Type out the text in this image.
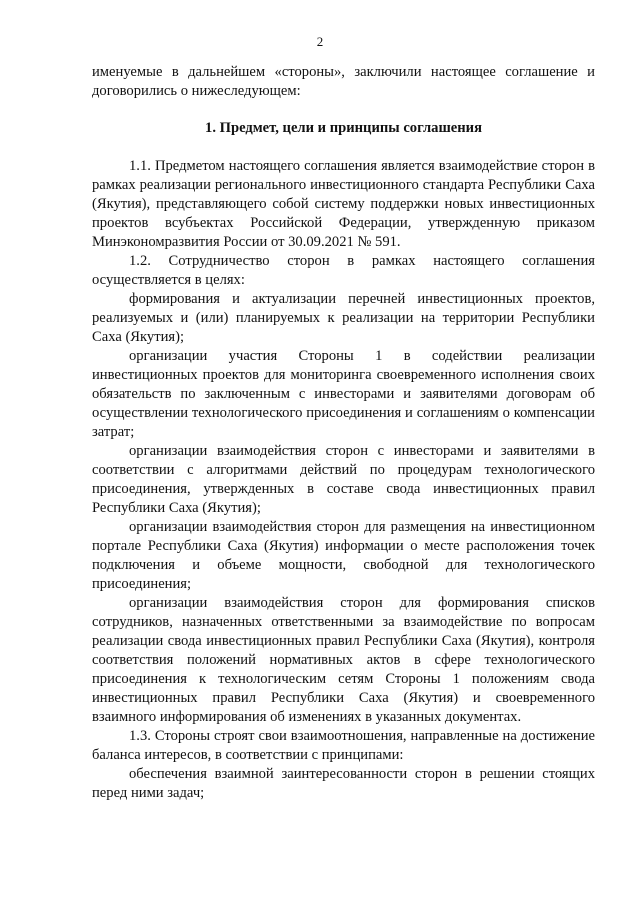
2

именуемые в дальнейшем «стороны», заключили настоящее соглашение и договорились о нижеследующем:

1. Предмет, цели и принципы соглашения

1.1. Предметом настоящего соглашения является взаимодействие сторон в рамках реализации регионального инвестиционного стандарта Республики Саха (Якутия), представляющего собой систему поддержки новых инвестиционных проектов всубъектах Российской Федерации, утвержденную приказом Минэкономразвития России от 30.09.2021 № 591.

1.2. Сотрудничество сторон в рамках настоящего соглашения осуществляется в целях:

формирования и актуализации перечней инвестиционных проектов, реализуемых и (или) планируемых к реализации на территории Республики Саха (Якутия);

организации участия Стороны 1 в содействии реализации инвестиционных проектов для мониторинга своевременного исполнения своих обязательств по заключенным с инвесторами и заявителями договорам об осуществлении технологического присоединения и соглашениям о компенсации затрат;

организации взаимодействия сторон с инвесторами и заявителями в соответствии с алгоритмами действий по процедурам технологического присоединения, утвержденных в составе свода инвестиционных правил Республики Саха (Якутия);

организации взаимодействия сторон для размещения на инвестиционном портале Республики Саха (Якутия) информации о месте расположения точек подключения и объеме мощности, свободной для технологического присоединения;

организации взаимодействия сторон для формирования списков сотрудников, назначенных ответственными за взаимодействие по вопросам реализации свода инвестиционных правил Республики Саха (Якутия), контроля соответствия положений нормативных актов в сфере технологического присоединения к технологическим сетям Стороны 1 положениям свода инвестиционных правил Республики Саха (Якутия) и своевременного взаимного информирования об изменениях в указанных документах.

1.3. Стороны строят свои взаимоотношения, направленные на достижение баланса интересов, в соответствии с принципами:

обеспечения взаимной заинтересованности сторон в решении стоящих перед ними задач;
